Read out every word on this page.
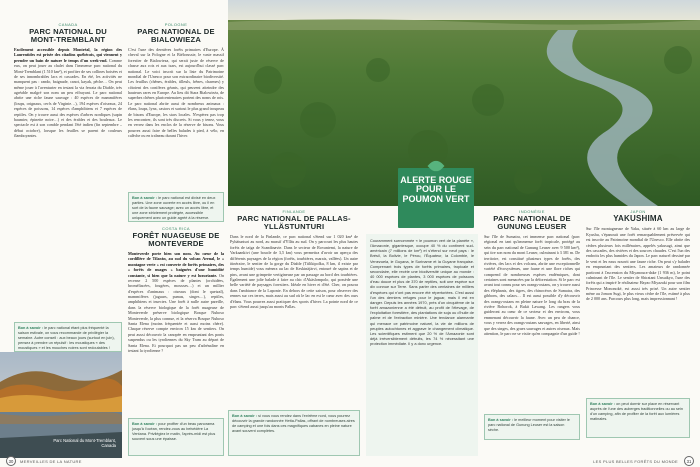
CANADA
PARC NATIONAL DU MONT-TREMBLANT
Facilement accessible depuis Montréal, la région des Laurentides est prisée des citadins québécois, qui viennent y prendre un bain de nature le temps d'un week-end. Comme eux, on peut jouer au chalet dans l'immense parc national du Mont-Tremblant (1 510 km²), et profiter de ses collines boisées et de ses innombrables lacs et cascades. En été, les activités ne manquent pas : rando, baignade, canot, kayak, pêche… On peut même jouer à l'aventurier en testant la via ferrata du Diable, très agréable malgré son nom un peu effrayant. Le parc national abrite une riche faune sauvage : 40 espèces de mammifères (loups, orignaux, cerfs de Virginie…), 194 espèces d'oiseaux, 24 espèces de poissons, 14 espèces d'amphibiens et 7 espèces de reptiles. On y trouve aussi des espèces d'arbres nordiques (sapin baumier, épinette noire…) et des érables et des bouleaux. Le spectacle est à son comble pendant l'été indien (fin septembre – début octobre), lorsque les feuilles se parent de couleurs flamboyantes.
Bon à savoir : le parc national étant plus fréquenté la saison estivale, on vous recommande de privilégier la semaine. Autre conseil : aux beaux jours (surtout en juin), pensez à prendre un répulsif : les moustiques « des moustiques » et les mouches noires sont redoutables !
Parc National du Mont-Tremblant, Canada
POLOGNE
PARC NATIONAL DE BIALOWIEZA
C'est l'une des dernières forêts primaires d'Europe. À cheval sur la Pologne et la Biélorussie, le vaste massif forestier de Bialowieza, qui serait juste de réserve de chasse aux rois et aux tsars, est aujourd'hui classé parc national. Le voici inscrit sur la liste du Patrimoine mondial de l'Unesco pour son extraordinaire biodiversité. Les feuillus (chênes, érables, tilleuls, frênes, charmes) y côtoient des conifères géants, qui peuvent atteindre des hauteurs rares en Europe. Au lieu dit Stara Bialowieża, de superbes chênes pluricentenaires portent des noms de rois. Le parc national abrite aussi de nombreux animaux : élans, loups, lynx, castors et surtout le plus grand troupeau de bisons d'Europe, les stars locales. N'espérez pas trop les rencontrer, ils sont très discrets. Si vous y tenez, vous en verrez dans les enclos de la réserve de bisons. Vous pourrez aussi faire de belles balades à pied, à vélo, en calèche ou en traîneau durant l'hiver.
Bon à savoir : le parc national est divisé en deux parties. Une zone ouverte en accès libre, ou il en sort de la faune sauvage; avec un accès libre, et une zone strictement protégée, accessible uniquement avec un guide agréé à la réserve.
COSTA RICA
FORÊT NUAGEUSE DE MONTEVERDE
Monteverde porte bien son nom. Au cœur de la cordillère de Tilarán, au sud du volcan Arenal, le « montagne verte » est couverte de forêts primaires, des « forêts de nuages » baignées d'une humidité constante, si bien que la nature y est luxuriante. On recense 2 500 espèces de plantes (orchidées, broméliacées, fougères, mousses…) et un millier d'espèces d'animaux : oiseaux (dont le quetzal), mammifères (jaguars, pumas, singes…), reptiles, amphibiens et insectes. Une forêt à nulle autre pareille, dans la réserve biologique de la forêt nuageuse de Monteverde préserve biologique Bosque Nuboso Monteverde, la plus connue, et la réserva Bosque Nuboso Santa Elena (moins fréquentée et aussi moins chère). Chaque réserve compte environ 15 km de sentiers. On peut aussi découvrir la canopée en empruntant des ponts suspendus ou les tyroliennes du Sky Tram au départ de Santa Elena. Et pourquoi pas un peu d'adrénaline en testant la tyrolienne ?
Bon à savoir : pour profiter d'un beau panorama jusqu'à l'océan, rendez-vous au belvédère La Ventana. Privilégiez le matin, l'après-midi est plus souvent sous une épaisse.
FINLANDE
PARC NATIONAL DE PALLAS-YLLÄSTUNTURI
Dans le nord de la Finlande, ce parc national s'étend sur 1 020 km² de Pyhätunturi au nord, au massif d'Ylläs au sud. On y parcourt les plus hautes forêts de taïga de Scandinavie. Dans le secteur de Rovaniemi, la nature de Varkaankivi (une boucle de 3,5 km) vous permettra d'avoir un aperçu des différents paysages de la région (forêts, tourbières, marais, vallées). Un autre itinéraire, le sentier de la gorge du Diable (Tiilikipolku, 8 km, il existe par temps humide) vous mènera au lac de Keskinäjärvi, entouré de sapins et de pins, avant une grimpette vertigineuse par un passage au bord des tourbières. Également une jolie balade à faire au chic d'Akäslompolo, qui possède une belle variété de paysages forestiers. Idéale en hiver et d'été. Cher, on pourra dans l'ambiance de la Laponie. En dehors de cette saison, pour observer des rennes sur ces terres, mais aussi au sud où le lac en est le cœur avec des ours d'élans. Vous pourrez aussi pratiquer des sports d'hiver. La pointe nord de ce parc s'étend aussi jusqu'au monts Pallas.
Bon à savoir : si vous vous rendez dans l'extrême nord, vous pourrez découvrir la grande randonnée Hetta-Pallas, offrant de nombreuses aires de camping et une fois dans ces magnifiques cabanes en pleine nature avant souvent complètes.
ALERTE ROUGE
POUR LE
POUMON VERT
Couramment surnommée « le poumon vert de la planète », l'Amazonie, gigantesque, occupe 40 % du continent sud-américain (7 millions de km²) et s'étend sur neuf pays : le Brésil, la Bolivie, le Pérou, l'Équateur, la Colombie, le Venezuela, le Guyana, le Suriname et la Guyane française. Comprenant trois types de forêts primaires, tropicale et secondaire, elle recèle une biodiversité unique au monde : 40 000 espèces de plantes, 3 000 espèces de poissons d'eau douce et plus de 370 de reptiles, soit une espèce sur dix connue sur Terre. Sans parler des centaines de milliers d'espèces qui n'ont pas encore été répertoriées. C'est aussi l'un des derniers refuges pour le jaguar, mais il est en danger. Depuis les années 1970, près d'un cinquième de la forêt amazonienne a été détruit, au profit de l'élevage, de l'exploitation forestière, des plantations de soja ou d'huile de palme et de l'extraction minière. Une tendance alarmante qui menace ce patrimoine naturel, la vie de millions de peuples autochtones et aggrave le changement climatique. Les scientifiques estiment que 20 % de l'Amazonie sont déjà irréversiblement détruits, les 74 % nécessitant une protection immédiate. Il y a donc urgence.
INDONÉSIE
PARC NATIONAL DE GUNUNG LEUSER
Sur l'île de Sumatra, cet immense parc national (parc régional en tant qu'immense forêt tropicale, protégé au sein du parc national de Gunung Leuser avec 9 500 km²), qui tire son nom du mont Leuser, culminant à 3 381 m. De territoire, est constitué plusieurs types de forêts, des rivières, des lacs et des volcans, abrite une exceptionnelle variété d'écosystèmes, une faune et une flore riches qui comprend de nombreuses espèces endémiques, dont certaines sont menacées par la déforestation. Si le parc est avant tout connu pour ses orangs-outans, on y trouve aussi des éléphants, des tigres, des rhinocéros de Sumatra, des gibbons, des calaos… Il est aussi possible d'y découvrir des orangs-outans en pleine nature le long du bras de la rivière Bohorok, à Bukit Lawang. Les rangers vous guideront au cœur de ce secteur et des environs, vous emmenant découvrir la faune. Avec un peu de chance, vous y verrez des orangs-outans sauvages, en liberté, ainsi que des singes, des grues sauvages et autres oiseaux. Mais attention, le parc ne se visite qu'en compagnie d'un guide !
Bon à savoir : le meilleur moment pour visiter le parc national de Gunung Leuser est la saison sèche.
JAPON
YAKUSHIMA
Sur l'île montagneuse de Yaku, située à 60 km au large de Kyushu, s'épanouit une forêt remarquablement préservée qui est inscrite au Patrimoine mondial de l'Unesco. Elle abrite des cèdres plusieurs fois millénaires, appelés yakusugi, ainsi que des cascades, des rivières et des sources chaudes. C'est l'un des endroits les plus humides du Japon. Le parc naturel dessiné par le vent et les eaux nourrit une faune riche. On peut s'y balader en empruntant des sentiers. Les amateurs de randonnée partiront à l'ascension du Miyanoura-dake (1 936 m), le point culminant de l'île. Le sentier de Shiratani Unsuikyo, l'une des forêts qui a inspiré le réalisateur Hayao Miyazaki pour son film Princesse Mononoké, est aussi très prisé. Un autre sentier mène au Jomon Sugi, le plus vieux cèdre de l'île, estimé à plus de 2 000 ans. Parcours plus long, mais impressionnant !
Bon à savoir : on peut dormir sur place en réservant auprès de l'une des auberges traditionnelles ou au sein d'un camping, afin de profiter de la forêt aux lumières matinales.
30	MERVEILLES DE LA NATURE	LES PLUS BELLES FORÊTS DU MONDE	31
